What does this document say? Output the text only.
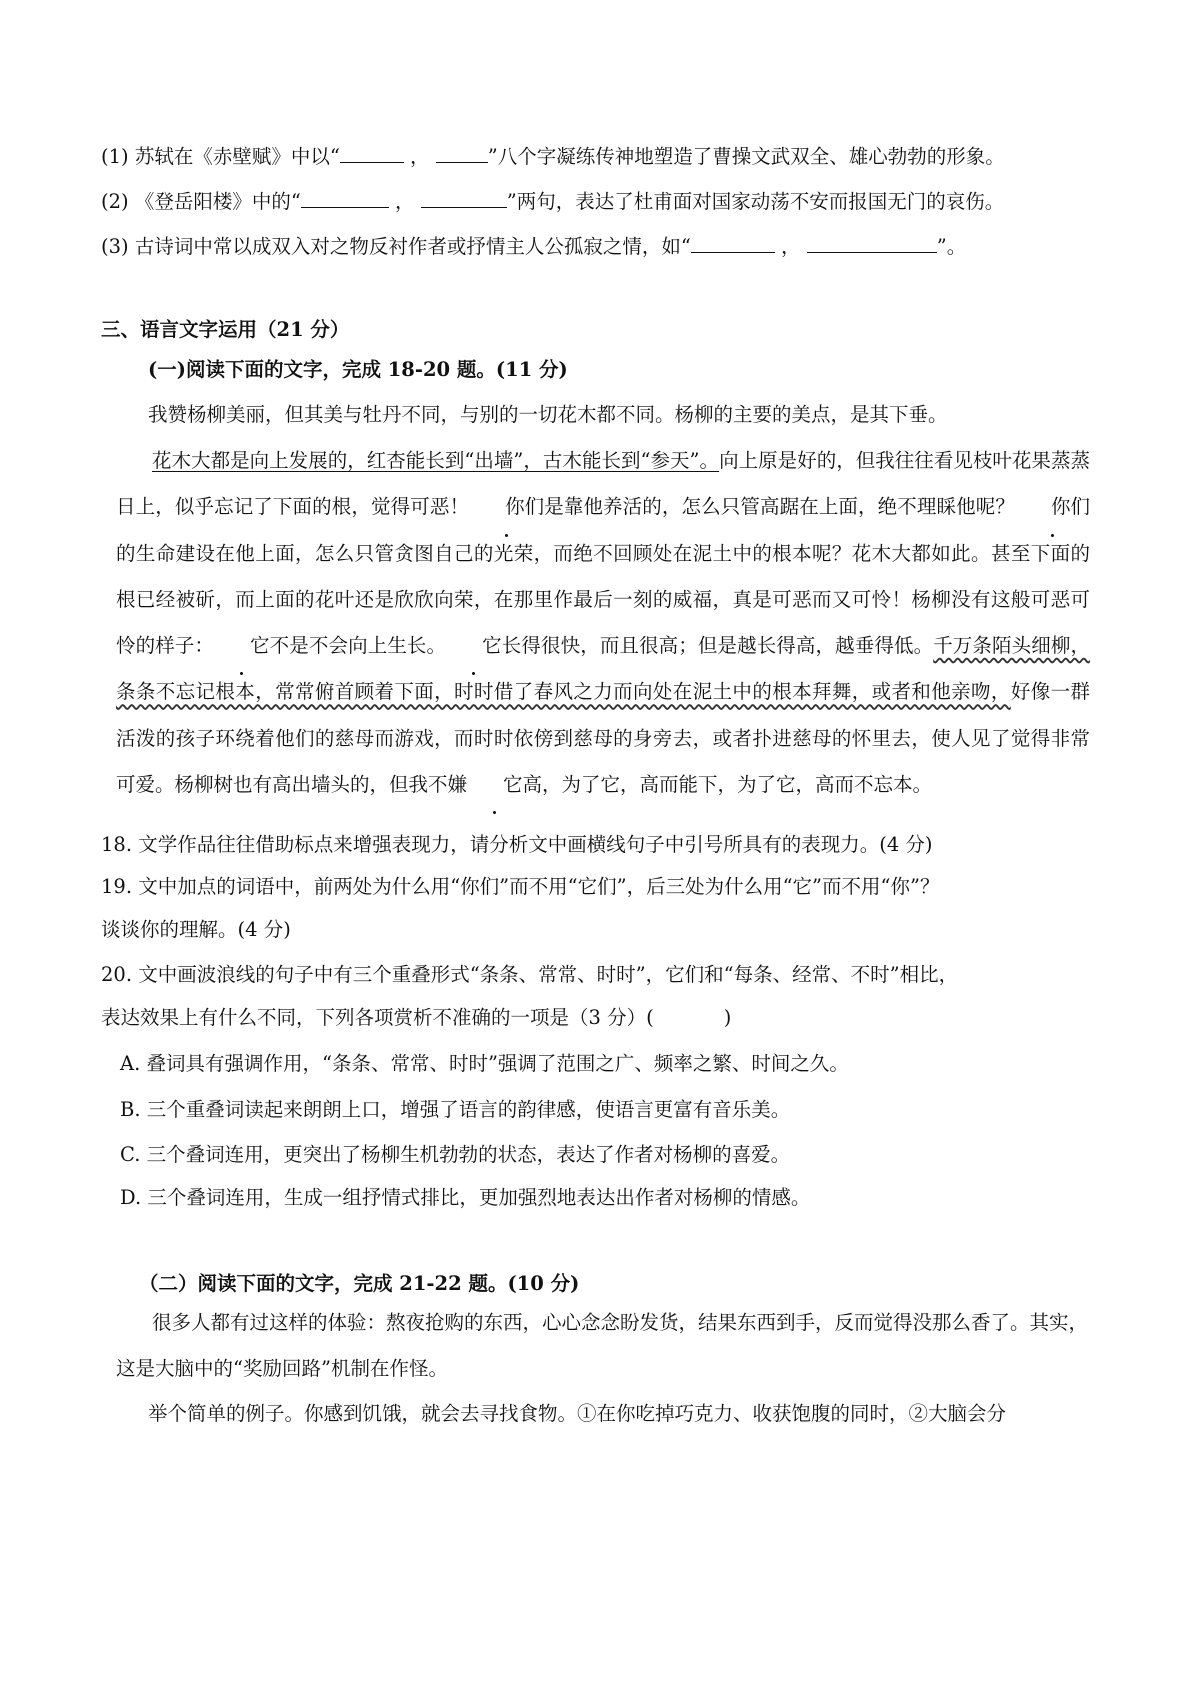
(1) 苏轼在《赤壁赋》中以“	，	”八个字凝练传神地塑造了曹操文武双全、雄心勃勃的形象。
(2) 《登岳阳楼》中的“	，	”两句，表达了杜甫面对国家动荡不安而报国无门的哀伤。
(3) 古诗词中常以成双入对之物反衬作者或抒情主人公孤寂之情，如“	，	”。
三、语言文字运用（21 分）
(一)阅读下面的文字，完成 18-20 题。(11 分)
我赞杨柳美丽，但其美与牡丹不同，与别的一切花木都不同。杨柳的主要的美点，是其下垂。
花木大都是向上发展的，红杏能长到“出墙”，古木能长到“参天”。向上原是好的，但我往往看见枝叶花果蒸蒸日上，似乎忘记了下面的根，觉得可恶！ 你们是靠他养活的，怎么只管高踞在上面，绝不理睬他呢？ 你们的生命建设在他上面，怎么只管贪图自己的光荣，而绝不回顾处在泥土中的根本呢？花木大都如此。甚至下面的根已经被斫，而上面的花叶还是欣欣向荣，在那里作最后一刻的威福，真是可恶而又可怜！杨柳没有这般可恶可怜的样子： 它不是不会向上生长。 它长得很快，而且很高；但是越长得高，越垂得低。千万条陌头细柳，条条不忘记根本，常常俯首顾着下面，时时借了春风之力而向处在泥土中的根本拜舞，或者和他亲吻，好像一群活泼的孩子环绕着他们的慈母而游戏，而时时依傍到慈母的身旁去，或者扑进慈母的怀里去，使人见了觉得非常可爱。杨柳树也有高出墙头的，但我不嫌 它高，为了它，高而能下，为了它，高而不忘本。
18. 文学作品往往借助标点来增强表现力，请分析文中画横线句子中引号所具有的表现力。(4 分)
19. 文中加点的词语中，前两处为什么用“你们”而不用“它们”，后三处为什么用“它”而不用“你”？
谈谈你的理解。(4 分)
20. 文中画波浪线的句子中有三个重叠形式“条条、常常、时时”，它们和“每条、经常、不时”相比，
表达效果上有什么不同，下列各项赏析不准确的一项是（3 分）(	)
A. 叠词具有强调作用，“条条、常常、时时”强调了范围之广、频率之繁、时间之久。
B. 三个重叠词读起来朗朗上口，增强了语言的韵律感，使语言更富有音乐美。
C. 三个叠词连用，更突出了杨柳生机勃勃的状态，表达了作者对杨柳的喜爱。
D. 三个叠词连用，生成一组抒情式排比，更加强烈地表达出作者对杨柳的情感。
（二）阅读下面的文字，完成 21-22 题。(10 分)
很多人都有过这样的体验：熬夜抢购的东西，心心念念盼发货，结果东西到手，反而觉得没那么香了。其实，这是大脑中的“奖励回路”机制在作怪。
举个简单的例子。你感到饥饿，就会去寻找食物。①在你吃掉巧克力、收获饱腹的同时，②大脑会分
